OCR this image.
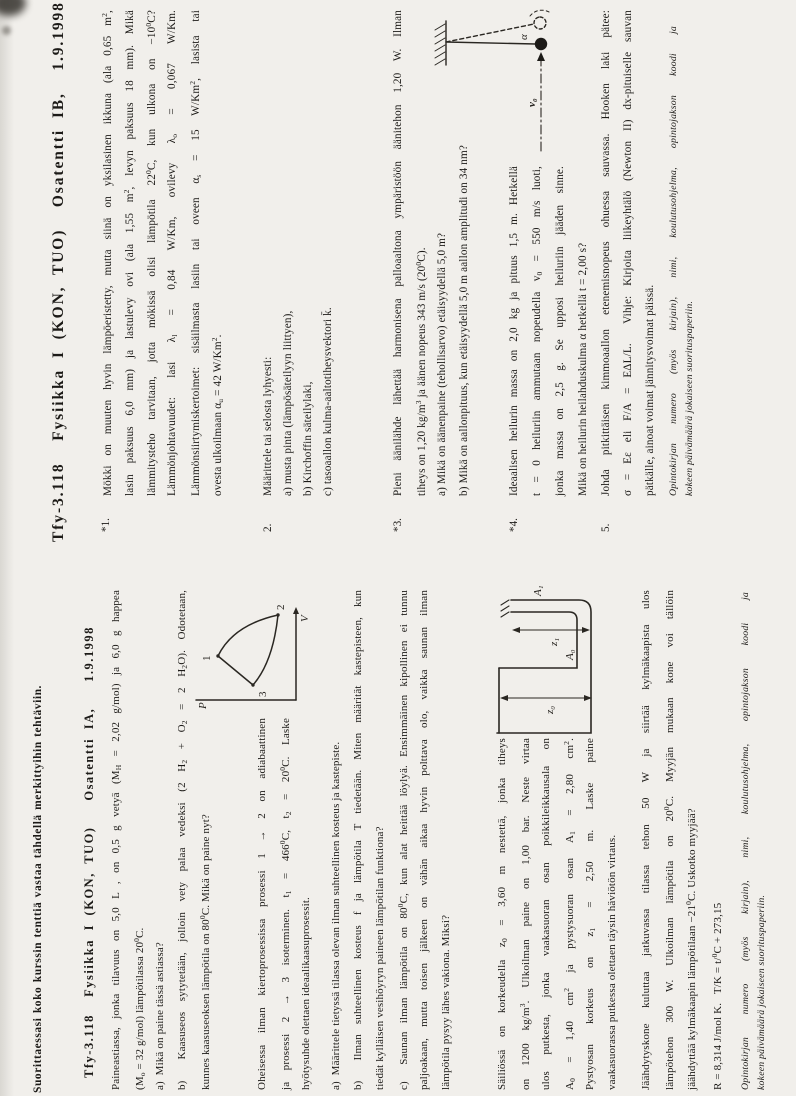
Suorittaessasi koko kurssin tenttiä vastaa tähdellä merkittyihin tehtäviin.	Tfy-3.118  Fysiikka I (KON, TUO)   Osatentti IA,   1.9.1998 Paineastiassa, jonka tilavuus on 5,0 L , on 0,5 g vetyä ($M_H = 2,02$ g/mol) ja 6,0 g happea
($M_o = 32$ g/mol) lämpötilassa $20^0C$.
a)  Mikä on paine tässä astiassa? b)  Kaasuseos sytytetään, jolloin vety palaa vedeksi (2 $H_2 + O_2 = 2$ $H_2O$). Odotetaan,
kunnes kaasuseoksen lämpötila on $80^0C$. Mikä on paine nyt?	Oheisessa ilman kiertoprosessissa prosessi 1 → 2 on adiabaattinen	ja prosessi 2 → 3 isoterminen. $t_1 = 466^0C$, $t_2 = 20^0C$. Laske
hyötysuhde olettaen ideaalikaasuprosessit.
P
V
1
2
3
a)  Määrittele tietyssä tilassa olevan ilman suhteellinen kosteus ja kastepiste. b)  Ilman suhteellinen kosteus f ja lämpötila T tiedetään. Miten määrität kastepisteen, kun tiedät kylläisen vesihöyryn paineen lämpötilan funktiona?	c)  Saunan ilman lämpötila on $80^0C$, kun alat heittää löylyä. Ensimmäinen kipollinen ei tunnu paljoakaan, mutta toisen jälkeen on vähän aikaa hyvin polttava olo, vaikka saunan ilman lämpötila pysyy lähes vakiona. Miksi?	Säiliössä on korkeudella $z_0 = 3,60$ m nestettä, jonka tiheys
on 1200 $kg/m^3$. Ulkoilman paine on 1,00 bar. Neste virtaa ulos putkesta, jonka vaakasuoran osan poikkileikkausala on	$A_0 = 1,40$ $cm^2$ ja pystysuoran osan $A_1 = 2,80$ $cm^2$.
Pystyosan korkeus on $z_1 = 2,50$ m. Laske paine
vaakasuorassa putkessa olettaen täysin häviötön virtaus.
z₀
z₁
A₀
A₁	Jäähdytyskone kuluttaa jatkuvassa tilassa tehon 50 W ja siirtää kylmäkaapista ulos	lämpötehon 300 W. Ulkoilman lämpötila on $20^0C$. Myyjän mukaan kone voi tällöin
jäähdyttää kylmäkaapin lämpötilaan $-21^0C$. Uskotko myyjää?
R = 8,314 J/mol K.   T/K = t/$^0$C + 273,15	Opintokirjan numero (myös kirjain), nimi, koulutusohjelma, opintojakson koodi ja kokeen päivämäärä jokaiseen suorituspaperiin.
Tfy-3.118  Fysiikka I (KON, TUO)  Osatentti IB,  1.9.1998	*1.
Mökki on muuten hyvin lämpöeristetty, mutta siinä on yksilasinen ikkuna (ala 0,65 $m^2$,
lasin paksuus 6,0 mm) ja lastulevy ovi (ala 1,55 $m^2$, levyn paksuus 18 mm). Mikä
lämmitysteho tarvitaan, jotta mökissä olisi lämpötila $22^0C$, kun ulkona on $-10^0C$?
Lämmönjohtavuudet: lasi $\lambda_l = 0,84$ W/Km, ovilevy $\lambda_o = 0,067$ W/Km.
Lämmönsiirtymiskertoimet: sisäilmasta lasiin tai oveen $\alpha_s = 15$ W/Km$^2$, lasista tai
ovesta ulkoilmaan $\alpha_u = 42$ W/Km$^2$.
2.
Määrittele tai selosta lyhyesti: a) musta pinta (lämpösäteilyyn liittyen), b) Kirchoffin säteilylaki, c) tasoaallon kulma-aaltotiheysvektori k̄.
*3.
Pieni äänilähde lähettää harmonisena palloaaltona ympäristöön äänitehon 1,20 W. Ilman	tiheys on 1,20 $kg/m^3$ ja äänen nopeus 343 m/s $(20^0C)$. a) Mikä on äänenpaine (tehollisarvo) etäisyydellä 5,0 m? b) Mikä on aallonpituus, kun etäisyydellä 5,0 m aallon amplitudi on 34 nm?
*4.
Ideaalisen heilurin massa on 2,0 kg ja pituus 1,5 m. Hetkellä t = 0 heiluriin ammutaan nopeudella $v_0 = 550$ m/s luoti, jonka massa on 2,5 g. Se upposi heiluriin jääden sinne. Mikä on heilurin heilahduskulma α hetkellä t = 2,00 s?
v₀
α
5.
Johda pitkittäisen kimmoaallon etenemisnopeus ohuessa sauvassa. Hooken laki pätee: σ = Eε eli F/A = EΔL/L.  Vihje: Kirjoita liikeyhtälö (Newton II) dx-pituiselle sauvan pätkälle, ainoat voimat jännitysvoimat päissä.	Opintokirjan numero (myös kirjain), nimi, koulutusohjelma, opintojakson koodi ja kokeen päivämäärä jokaiseen suorituspaperiin.
